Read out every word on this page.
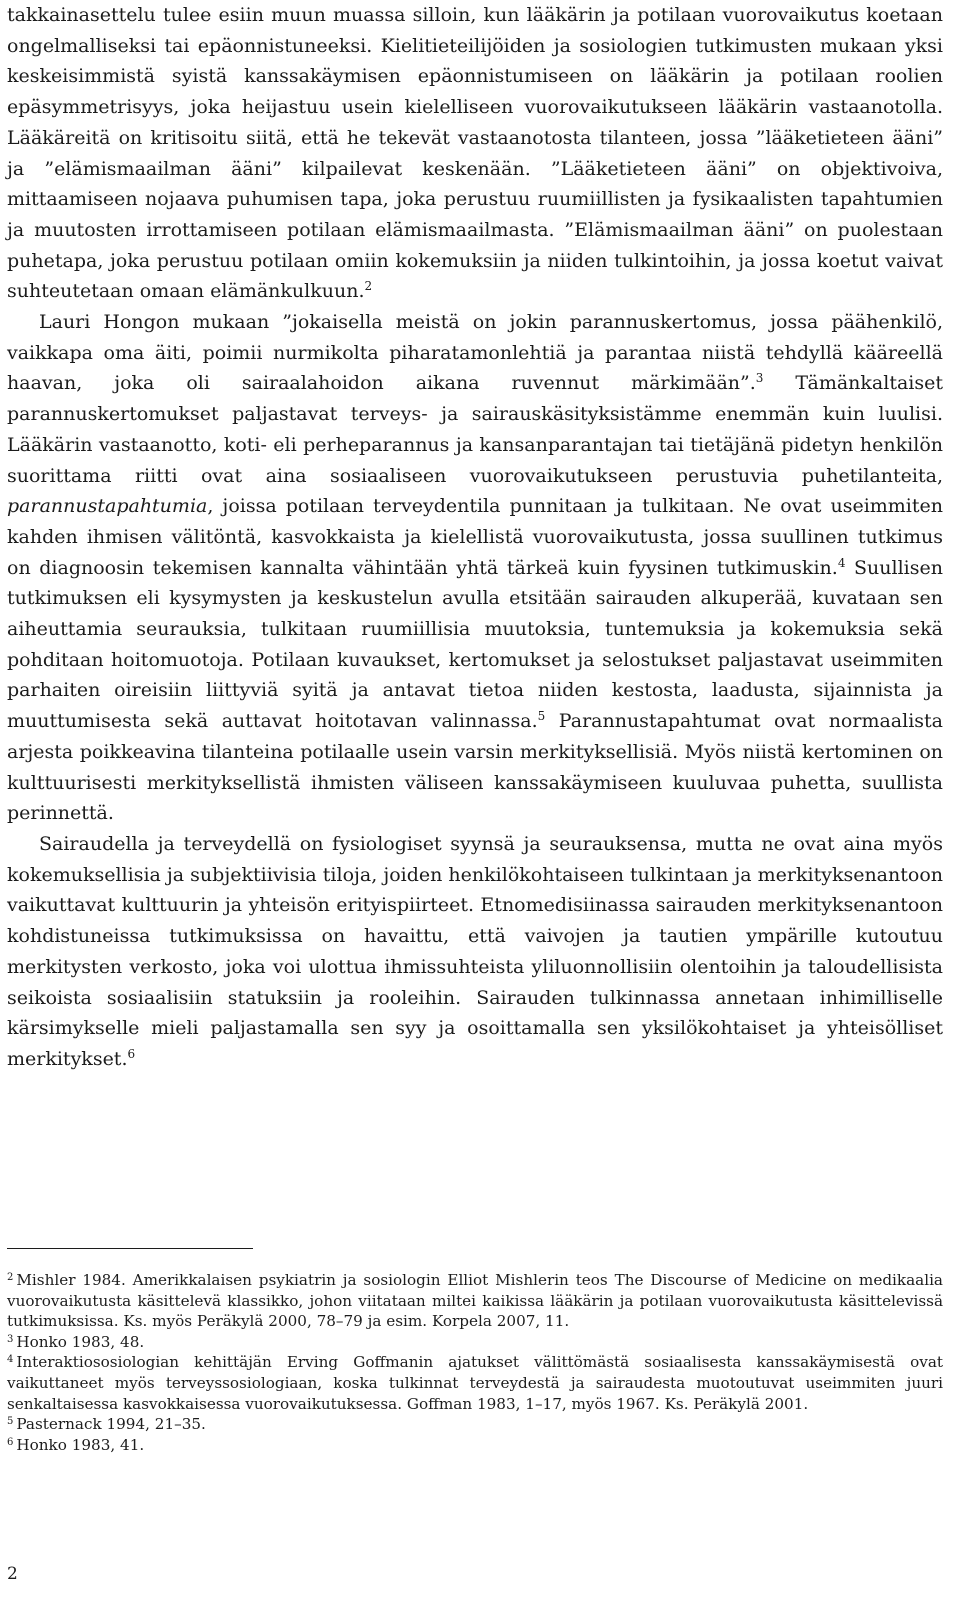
takkainasettelu tulee esiin muun muassa silloin, kun lääkärin ja potilaan vuorovaikutus koetaan ongelmalliseksi tai epäonnistuneeksi. Kielitieteilijöiden ja sosiologien tutkimusten mukaan yksi keskeisimmistä syistä kanssakäymisen epäonnistumiseen on lääkärin ja potilaan roolien epäsymmetrisyys, joka heijastuu usein kielelliseen vuorovaikutukseen lääkärin vastaanotolla. Lääkäreitä on kritisoitu siitä, että he tekevät vastaanotosta tilanteen, jossa ”lääketieteen ääni” ja ”elämismaailman ääni” kilpailevat keskenään. ”Lääketieteen ääni” on objektivoiva, mittaamiseen nojaava puhumisen tapa, joka perustuu ruumiillisten ja fysikaalisten tapahtumien ja muutosten irrottamiseen potilaan elämismaailmasta. ”Elämismaailman ääni” on puolestaan puhetapa, joka perustuu potilaan omiin kokemuksiin ja niiden tulkintoihin, ja jossa koetut vaivat suhteutetaan omaan elämänkulkuun.$^2$

Lauri Hongon mukaan ”jokaisella meistä on jokin parannuskertomus, jossa päähenkilö, vaikkapa oma äiti, poimii nurmikolta piharatamonlehtiä ja parantaa niistä tehdyllä kääreellä haavan, joka oli sairaalahoidon aikana ruvennut märkimään”.$^3$ Tämänkaltaiset parannuskertomukset paljastavat terveys- ja sairauskäsityksistämme enemmän kuin luulisi. Lääkärin vastaanotto, koti- eli perheparannus ja kansanparantajan tai tietäjänä pidetyn henkilön suorittama riitti ovat aina sosiaaliseen vuorovaikutukseen perustuvia puhetilanteita, parannustapahtumia, joissa potilaan terveydentila punnitaan ja tulkitaan. Ne ovat useimmiten kahden ihmisen välitöntä, kasvokkaista ja kielellistä vuorovaikutusta, jossa suullinen tutkimus on diagnoosin tekemisen kannalta vähintään yhtä tärkeä kuin fyysinen tutkimuskin.$^4$ Suullisen tutkimuksen eli kysymysten ja keskustelun avulla etsitään sairauden alkuperää, kuvataan sen aiheuttamia seurauksia, tulkitaan ruumiillisia muutoksia, tuntemuksia ja kokemuksia sekä pohditaan hoitomuotoja. Potilaan kuvaukset, kertomukset ja selostukset paljastavat useimmiten parhaiten oireisiin liittyviä syitä ja antavat tietoa niiden kestosta, laadusta, sijainnista ja muuttumisesta sekä auttavat hoitotavan valinnassa.$^5$ Parannustapahtumat ovat normaalista arjesta poikkeavina tilanteina potilaalle usein varsin merkityksellisiä. Myös niistä kertominen on kulttuurisesti merkityksellistä ihmisten väliseen kanssakäymiseen kuuluvaa puhetta, suullista perinnettä.

Sairaudella ja terveydellä on fysiologiset syynsä ja seurauksensa, mutta ne ovat aina myös kokemuksellisia ja subjektiivisia tiloja, joiden henkilökohtaiseen tulkintaan ja merkityksenantoon vaikuttavat kulttuurin ja yhteisön erityispiirteet. Etnomedisiinassa sairauden merkityksenantoon kohdistuneissa tutkimuksissa on havaittu, että vaivojen ja tautien ympärille kutoutuu merkitysten verkosto, joka voi ulottua ihmissuhteista yliluonnollisiin olentoihin ja taloudellisista seikoista sosiaalisiin statuksiin ja rooleihin. Sairauden tulkinnassa annetaan inhimilliselle kärsimykselle mieli paljastamalla sen syy ja osoittamalla sen yksilökohtaiset ja yhteisölliset merkitykset.$^6$

$^2$ Mishler 1984. Amerikkalaisen psykiatrin ja sosiologin Elliot Mishlerin teos The Discourse of Medicine on medikaalia vuorovaikutusta käsittelevä klassikko, johon viitataan miltei kaikissa lääkärin ja potilaan vuorovaikutusta käsittelevissä tutkimuksissa. Ks. myös Peräkylä 2000, 78–79 ja esim. Korpela 2007, 11.

$^3$ Honko 1983, 48.

$^4$ Interaktiososiologian kehittäjän Erving Goffmanin ajatukset välittömästä sosiaalisesta kanssakäymisestä ovat vaikuttaneet myös terveyssosiologiaan, koska tulkinnat terveydestä ja sairaudesta muotoutuvat useimmiten juuri senkaltaisessa kasvokkaisessa vuorovaikutuksessa. Goffman 1983, 1–17, myös 1967. Ks. Peräkylä 2001.

$^5$ Pasternack 1994, 21–35.

$^6$ Honko 1983, 41.

2
